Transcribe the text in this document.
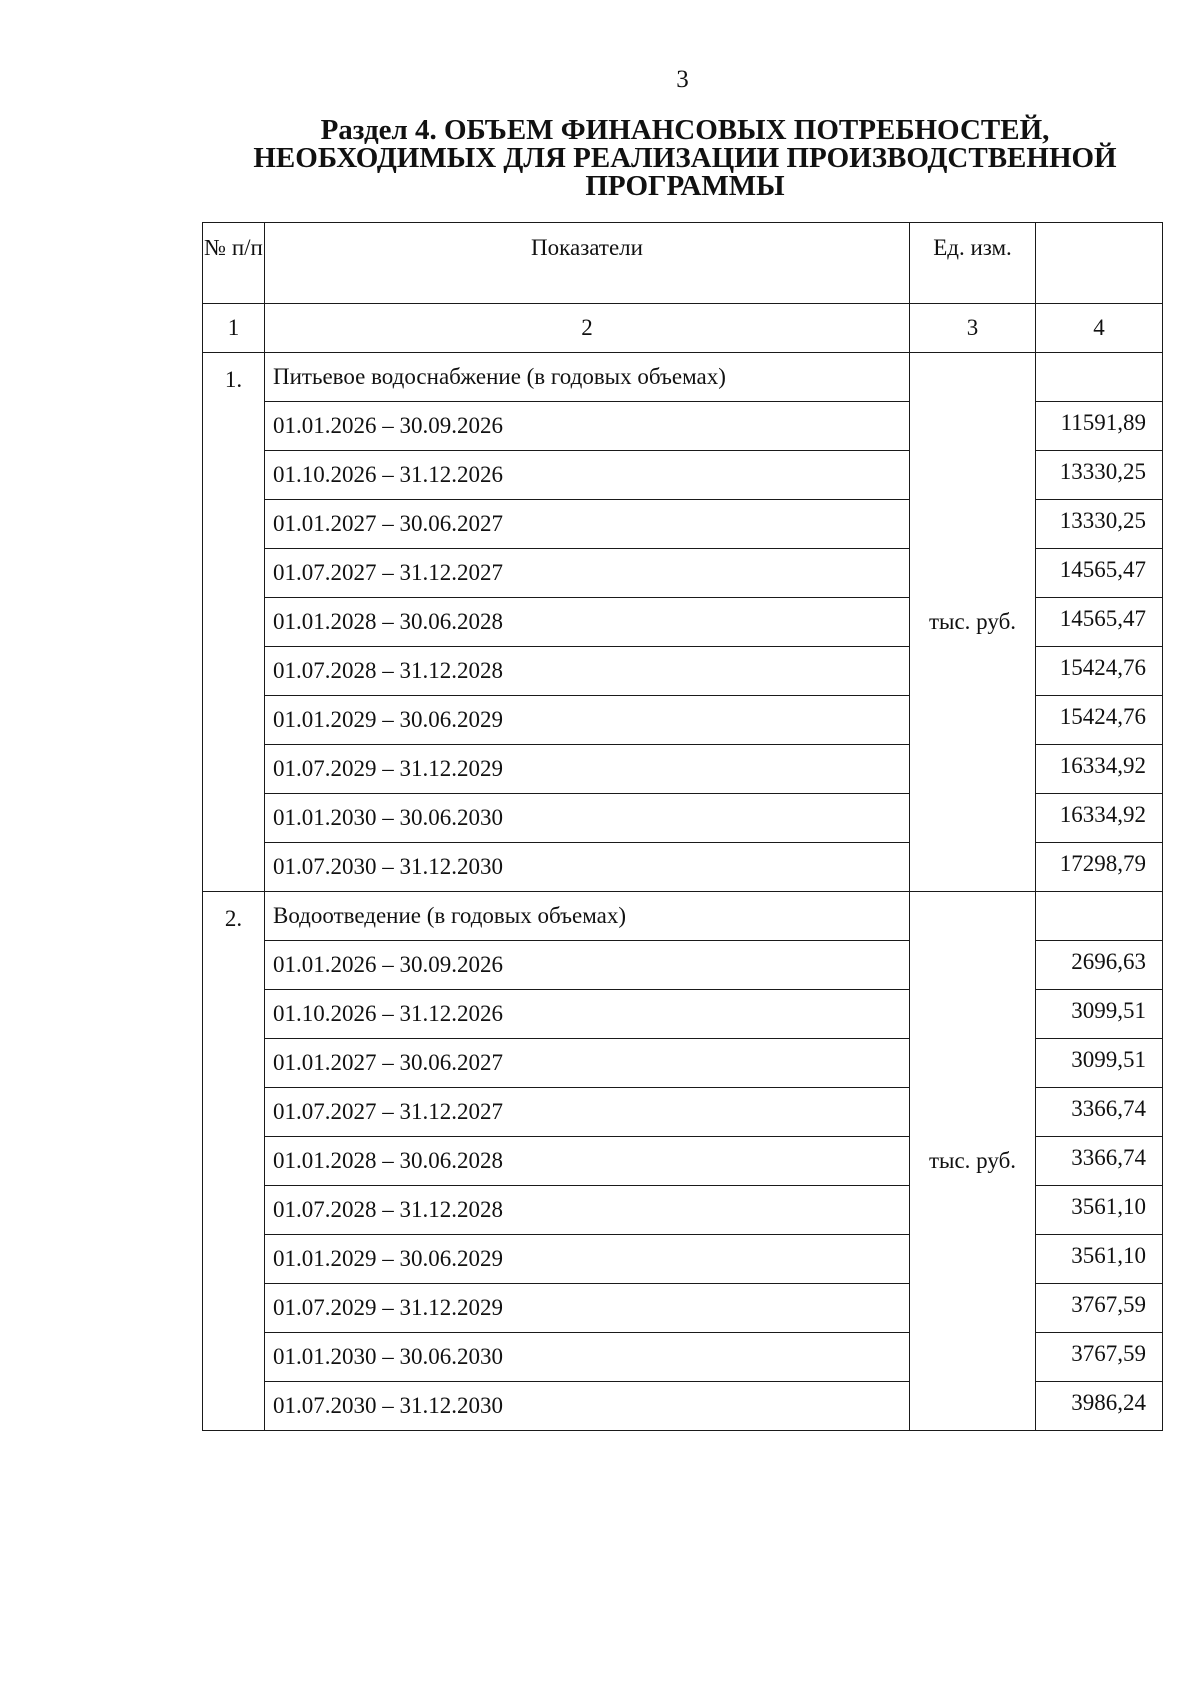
3
Раздел 4. ОБЪЕМ ФИНАНСОВЫХ ПОТРЕБНОСТЕЙ,
НЕОБХОДИМЫХ ДЛЯ РЕАЛИЗАЦИИ ПРОИЗВОДСТВЕННОЙ
ПРОГРАММЫ
№ п/п	Показатели	Ед. изм.	
1	2	3	4
1.	Питьевое водоснабжение (в годовых объемах)	тыс. руб.	
	01.01.2026 – 30.09.2026		11591,89
	01.10.2026 – 31.12.2026		13330,25
	01.01.2027 – 30.06.2027		13330,25
	01.07.2027 – 31.12.2027		14565,47
	01.01.2028 – 30.06.2028		14565,47
	01.07.2028 – 31.12.2028		15424,76
	01.01.2029 – 30.06.2029		15424,76
	01.07.2029 – 31.12.2029		16334,92
	01.01.2030 – 30.06.2030		16334,92
	01.07.2030 – 31.12.2030		17298,79
2.	Водоотведение (в годовых объемах)	тыс. руб.	
	01.01.2026 – 30.09.2026		2696,63
	01.10.2026 – 31.12.2026		3099,51
	01.01.2027 – 30.06.2027		3099,51
	01.07.2027 – 31.12.2027		3366,74
	01.01.2028 – 30.06.2028		3366,74
	01.07.2028 – 31.12.2028		3561,10
	01.01.2029 – 30.06.2029		3561,10
	01.07.2029 – 31.12.2029		3767,59
	01.01.2030 – 30.06.2030		3767,59
	01.07.2030 – 31.12.2030		3986,24
